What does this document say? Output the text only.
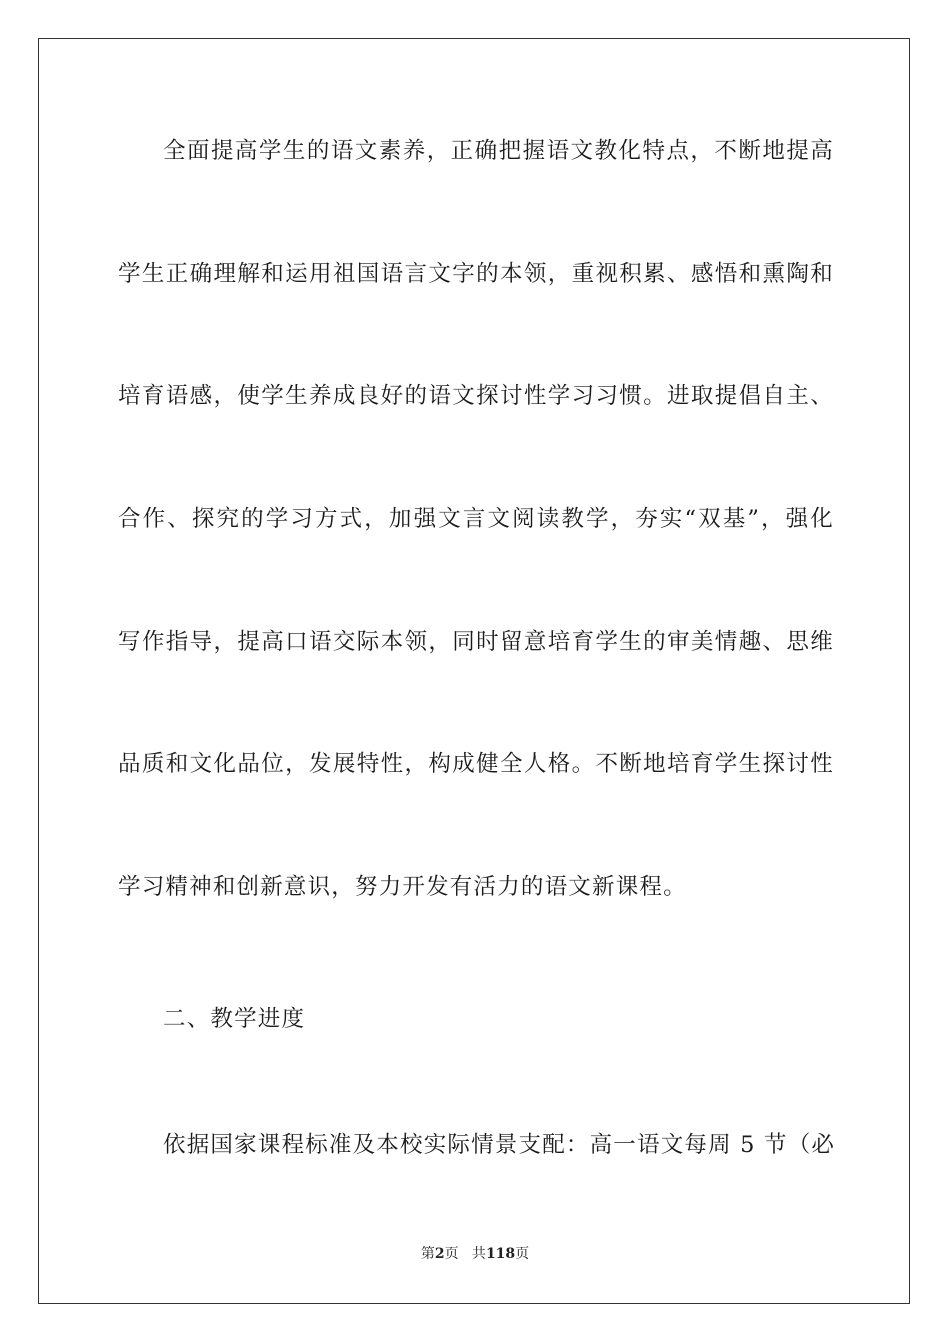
全面提高学生的语文素养，正确把握语文教化特点，不断地提高
学生正确理解和运用祖国语言文字的本领，重视积累、感悟和熏陶和
培育语感，使学生养成良好的语文探讨性学习习惯。进取提倡自主、
合作、探究的学习方式，加强文言文阅读教学，夯实“双基”，强化
写作指导，提高口语交际本领，同时留意培育学生的审美情趣、思维
品质和文化品位，发展特性，构成健全人格。不断地培育学生探讨性
学习精神和创新意识，努力开发有活力的语文新课程。
二、教学进度
依据国家课程标准及本校实际情景支配：高一语文每周 5 节（必
第2页   共118页
